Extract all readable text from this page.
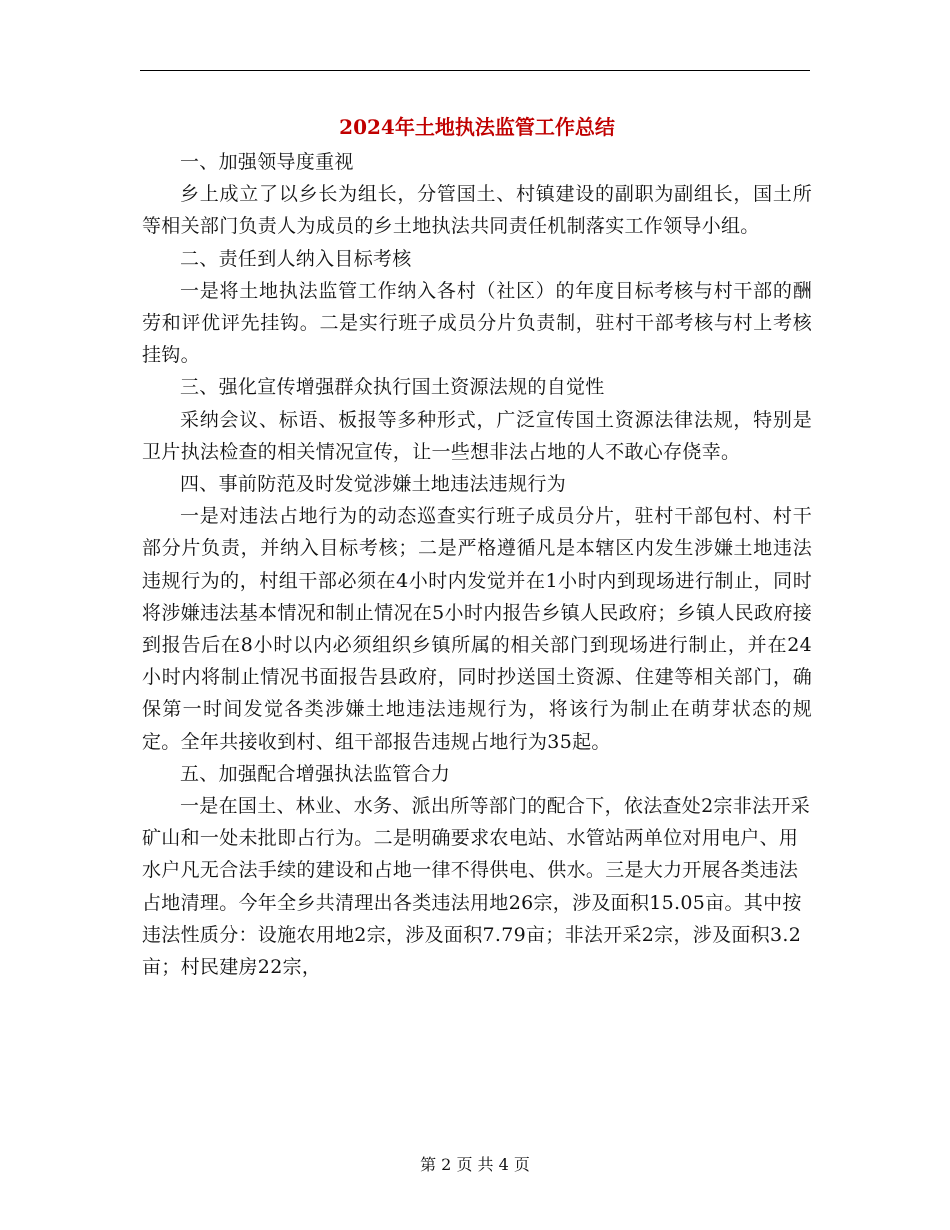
2024年土地执法监管工作总结

一、加强领导度重视

乡上成立了以乡长为组长，分管国土、村镇建设的副职为副组长，国土所等相关部门负责人为成员的乡土地执法共同责任机制落实工作领导小组。

二、责任到人纳入目标考核

一是将土地执法监管工作纳入各村（社区）的年度目标考核与村干部的酬劳和评优评先挂钩。二是实行班子成员分片负责制，驻村干部考核与村上考核挂钩。

三、强化宣传增强群众执行国土资源法规的自觉性

采纳会议、标语、板报等多种形式，广泛宣传国土资源法律法规，特别是卫片执法检查的相关情况宣传，让一些想非法占地的人不敢心存侥幸。

四、事前防范及时发觉涉嫌土地违法违规行为

一是对违法占地行为的动态巡查实行班子成员分片，驻村干部包村、村干部分片负责，并纳入目标考核；二是严格遵循凡是本辖区内发生涉嫌土地违法违规行为的，村组干部必须在4小时内发觉并在1小时内到现场进行制止，同时将涉嫌违法基本情况和制止情况在5小时内报告乡镇人民政府；乡镇人民政府接到报告后在8小时以内必须组织乡镇所属的相关部门到现场进行制止，并在24小时内将制止情况书面报告县政府，同时抄送国土资源、住建等相关部门，确保第一时间发觉各类涉嫌土地违法违规行为，将该行为制止在萌芽状态的规定。全年共接收到村、组干部报告违规占地行为35起。

五、加强配合增强执法监管合力

一是在国土、林业、水务、派出所等部门的配合下，依法查处2宗非法开采矿山和一处未批即占行为。二是明确要求农电站、水管站两单位对用电户、用水户凡无合法手续的建设和占地一律不得供电、供水。三是大力开展各类违法占地清理。今年全乡共清理出各类违法用地26宗，涉及面积15.05亩。其中按违法性质分：设施农用地2宗，涉及面积7.79亩；非法开采2宗，涉及面积3.2亩；村民建房22宗，

第 2 页 共 4 页
